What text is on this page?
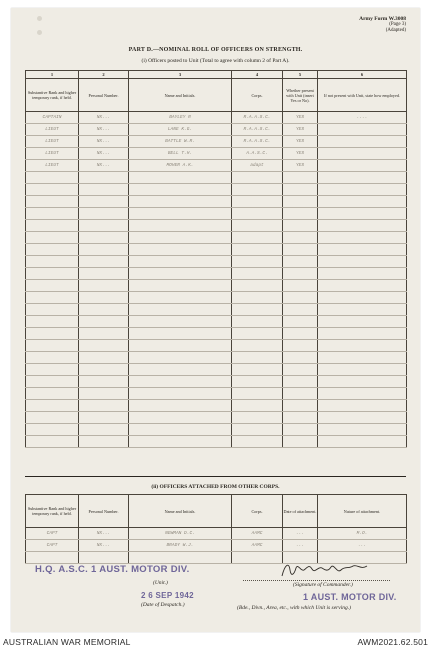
Army Form W.3008
(Page 3)
(Adapted)
PART D.—NOMINAL ROLL OF OFFICERS ON STRENGTH.
(i) Officers posted to Unit (Total to agree with column 2 of Part A).
1	2	3	4	5	6
Substantive Rank and higher temporary rank, if held.	Personal Number.	Name and Initials.	Corps.	Whether present with Unit (insert Yes or No).	If not present with Unit, state how employed.
CAPTAIN	NX...	BAYLEY R	R.A.A.S.C.	YES	....
LIEUT	NX...	LANE K.G.	R.A.A.S.C.	YES	
LIEUT	NX...	BATTLE W.R.	R.A.A.S.C.	YES	
LIEUT	NX...	BELL T.H.	A.A.S.C.	YES	
LIEUT	NX...	MOHER A.K.	adapt	YES	

(ii) OFFICERS ATTACHED FROM OTHER CORPS.
Substantive Rank and higher temporary rank, if held.	Personal Number.	Name and Initials.	Corps.	Date of attachment.	Nature of attachment.
CAPT	NX...	NEWMAN D.C.	AAMC	...	M.O.
CAPT	NX...	BRADY W.J.	AAMC	...	...

H.Q. A.S.C. 1 AUST. MOTOR DIV.
(Unit.)	(Signature of Commander.)
2 6 SEP 1942
(Date of Despatch.)
1 AUST. MOTOR DIV.
(Bde., Divn., Area, etc., with which Unit is serving.)
AUSTRALIAN WAR MEMORIAL	AWM2021.62.501
